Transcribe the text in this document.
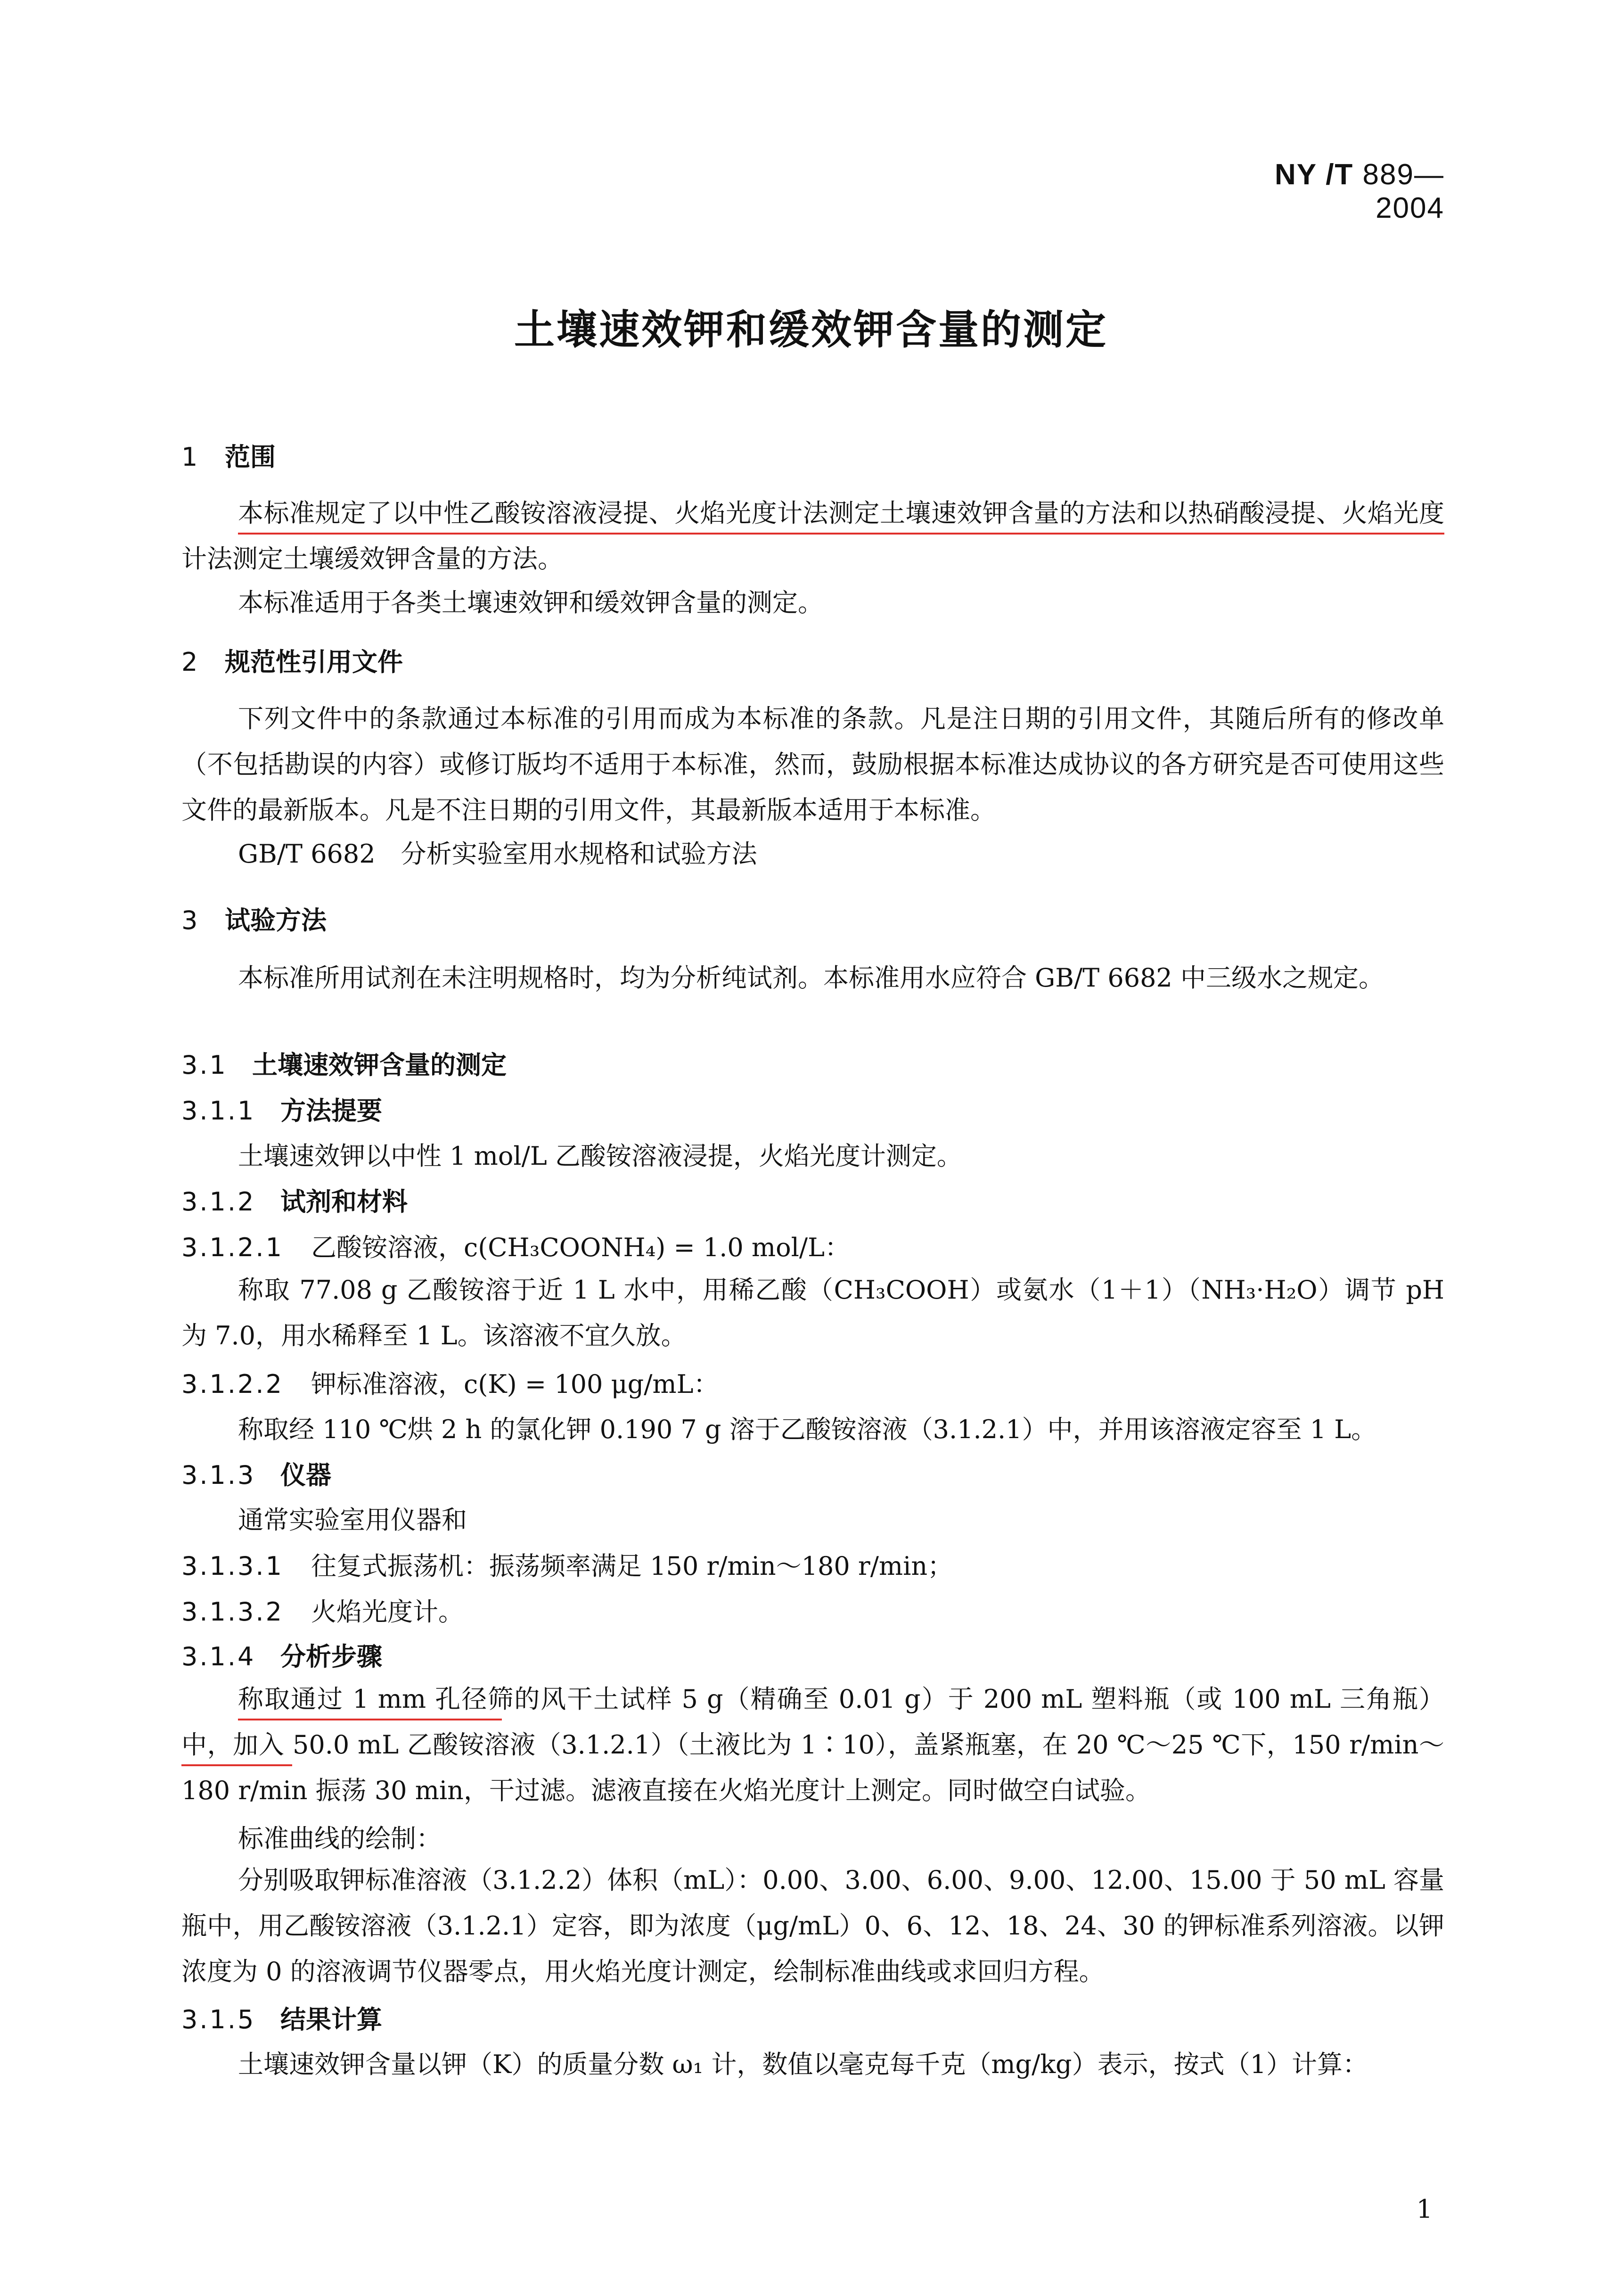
NY /T 889—2004
土壤速效钾和缓效钾含量的测定
1 范围
本标准规定了以中性乙酸铵溶液浸提、火焰光度计法测定土壤速效钾含量的方法和以热硝酸浸提、火焰光度计法测定土壤缓效钾含量的方法。
本标准适用于各类土壤速效钾和缓效钾含量的测定。
2 规范性引用文件
下列文件中的条款通过本标准的引用而成为本标准的条款。凡是注日期的引用文件，其随后所有的修改单（不包括勘误的内容）或修订版均不适用于本标准，然而，鼓励根据本标准达成协议的各方研究是否可使用这些文件的最新版本。凡是不注日期的引用文件，其最新版本适用于本标准。
GB/T 6682　分析实验室用水规格和试验方法
3 试验方法
本标准所用试剂在未注明规格时，均为分析纯试剂。本标准用水应符合 GB/T 6682 中三级水之规定。
3.1 土壤速效钾含量的测定
3.1.1 方法提要
土壤速效钾以中性 1 mol/L 乙酸铵溶液浸提，火焰光度计测定。
3.1.2 试剂和材料
3.1.2.1 乙酸铵溶液，c(CH₃COONH₄) = 1.0 mol/L：
称取 77.08 g 乙酸铵溶于近 1 L 水中，用稀乙酸（CH₃COOH）或氨水（1＋1）（NH₃·H₂O）调节 pH 为 7.0，用水稀释至 1 L。该溶液不宜久放。
3.1.2.2 钾标准溶液，c(K) = 100 μg/mL：
称取经 110 ℃烘 2 h 的氯化钾 0.190 7 g 溶于乙酸铵溶液（3.1.2.1）中，并用该溶液定容至 1 L。
3.1.3 仪器
通常实验室用仪器和
3.1.3.1 往复式振荡机：振荡频率满足 150 r/min～180 r/min；
3.1.3.2 火焰光度计。
3.1.4 分析步骤
称取通过 1 mm 孔径筛的风干土试样 5 g（精确至 0.01 g）于 200 mL 塑料瓶（或 100 mL 三角瓶）中，加入 50.0 mL 乙酸铵溶液（3.1.2.1）（土液比为 1∶10），盖紧瓶塞，在 20 ℃～25 ℃下，150 r/min～180 r/min 振荡 30 min，干过滤。滤液直接在火焰光度计上测定。同时做空白试验。
标准曲线的绘制：
分别吸取钾标准溶液（3.1.2.2）体积（mL）：0.00、3.00、6.00、9.00、12.00、15.00 于 50 mL 容量瓶中，用乙酸铵溶液（3.1.2.1）定容，即为浓度（μg/mL）0、6、12、18、24、30 的钾标准系列溶液。以钾浓度为 0 的溶液调节仪器零点，用火焰光度计测定，绘制标准曲线或求回归方程。
3.1.5 结果计算
土壤速效钾含量以钾（K）的质量分数 ω₁ 计，数值以毫克每千克（mg/kg）表示，按式（1）计算：
1
